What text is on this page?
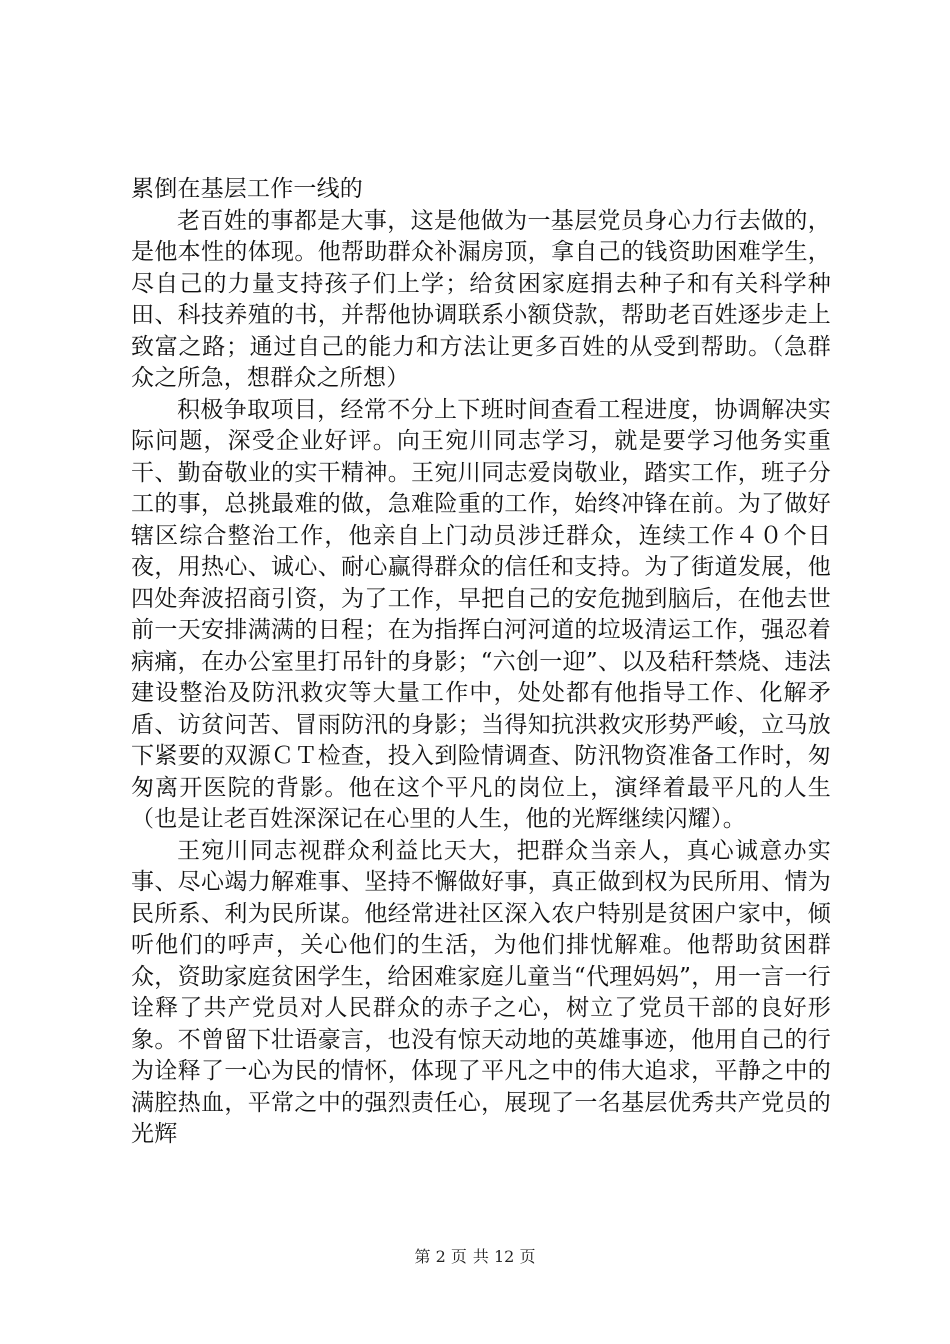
累倒在基层工作一线的

老百姓的事都是大事，这是他做为一基层党员身心力行去做的，是他本性的体现。他帮助群众补漏房顶，拿自己的钱资助困难学生，尽自己的力量支持孩子们上学；给贫困家庭捐去种子和有关科学种田、科技养殖的书，并帮他协调联系小额贷款，帮助老百姓逐步走上致富之路；通过自己的能力和方法让更多百姓的从受到帮助。（急群众之所急，想群众之所想）

积极争取项目，经常不分上下班时间查看工程进度，协调解决实际问题，深受企业好评。向王宛川同志学习，就是要学习他务实重干、勤奋敬业的实干精神。王宛川同志爱岗敬业，踏实工作，班子分工的事，总挑最难的做，急难险重的工作，始终冲锋在前。为了做好辖区综合整治工作，他亲自上门动员涉迁群众，连续工作４０个日夜，用热心、诚心、耐心赢得群众的信任和支持。为了街道发展，他四处奔波招商引资，为了工作，早把自己的安危抛到脑后，在他去世前一天安排满满的日程；在为指挥白河河道的垃圾清运工作，强忍着病痛，在办公室里打吊针的身影；“六创一迎”、以及秸秆禁烧、违法建设整治及防汛救灾等大量工作中，处处都有他指导工作、化解矛盾、访贫问苦、冒雨防汛的身影；当得知抗洪救灾形势严峻，立马放下紧要的双源ＣＴ检查，投入到险情调查、防汛物资准备工作时，匆匆离开医院的背影。他在这个平凡的岗位上，演绎着最平凡的人生（也是让老百姓深深记在心里的人生，他的光辉继续闪耀）。

王宛川同志视群众利益比天大，把群众当亲人，真心诚意办实事、尽心竭力解难事、坚持不懈做好事，真正做到权为民所用、情为民所系、利为民所谋。他经常进社区深入农户特别是贫困户家中，倾听他们的呼声，关心他们的生活，为他们排忧解难。他帮助贫困群众，资助家庭贫困学生，给困难家庭儿童当“代理妈妈”，用一言一行诠释了共产党员对人民群众的赤子之心，树立了党员干部的良好形象。不曾留下壮语豪言，也没有惊天动地的英雄事迹，他用自己的行为诠释了一心为民的情怀，体现了平凡之中的伟大追求，平静之中的满腔热血，平常之中的强烈责任心，展现了一名基层优秀共产党员的光辉

第 2 页 共 12 页
